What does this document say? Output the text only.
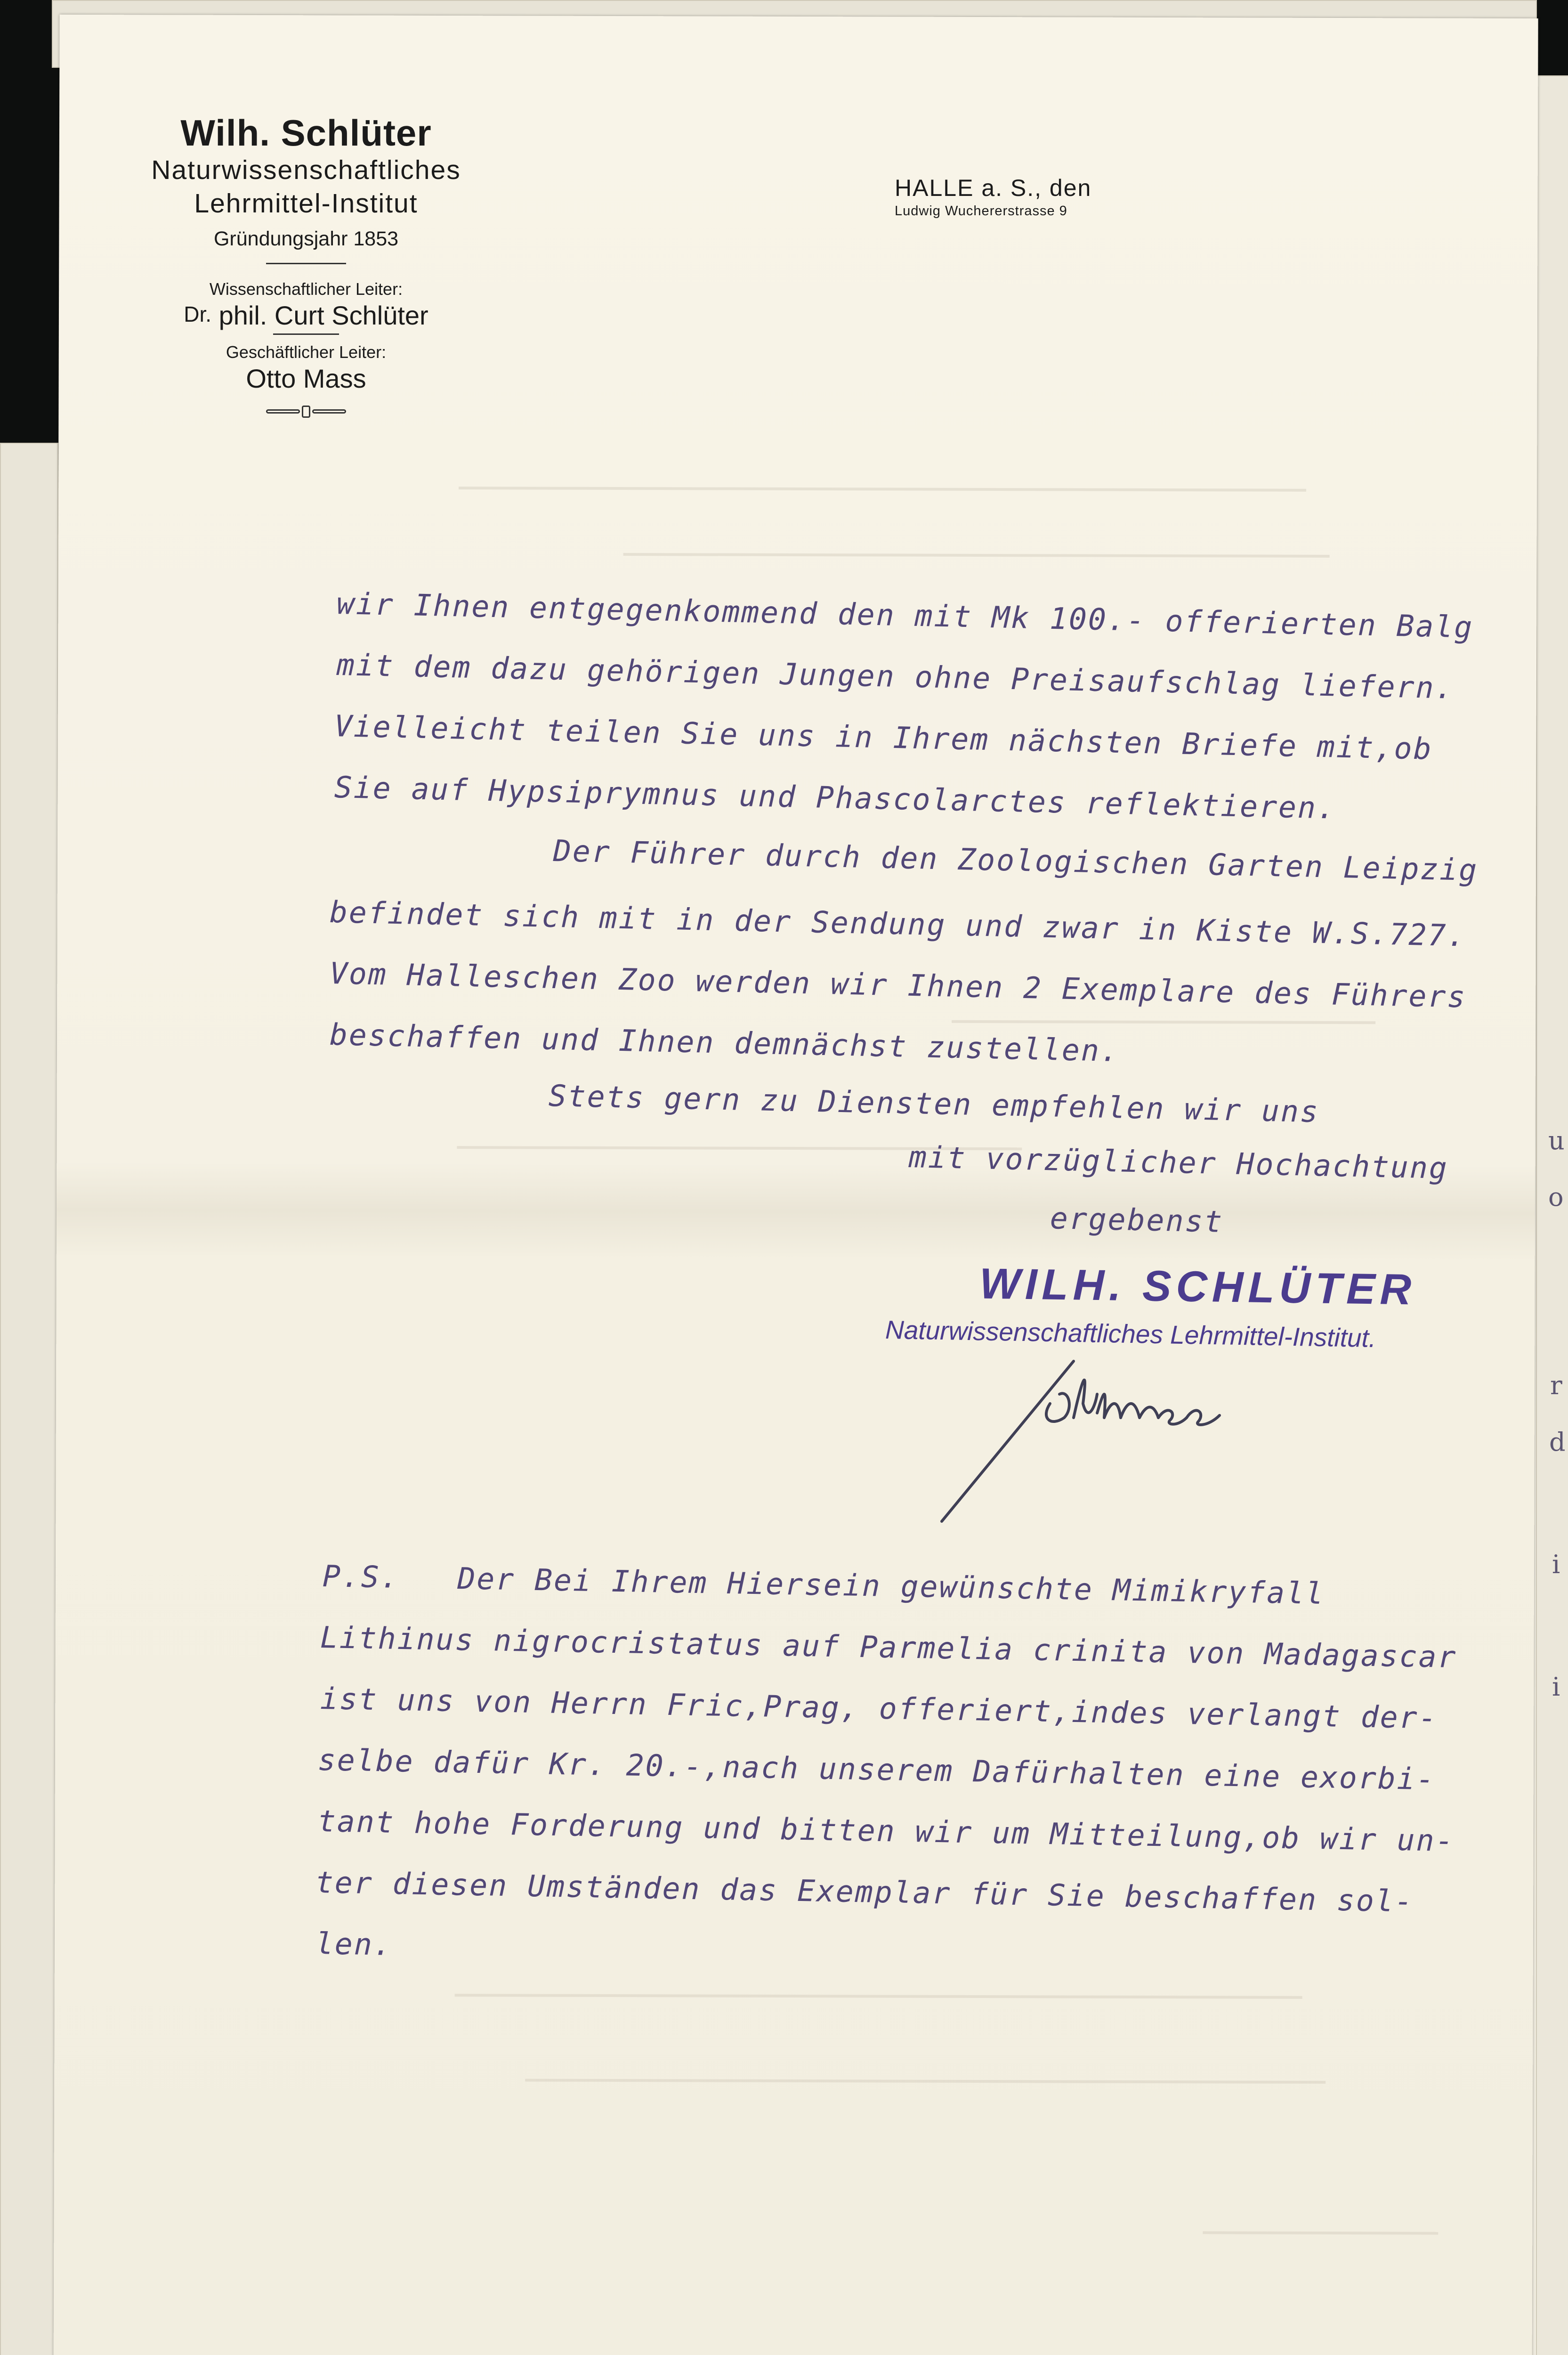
u
o
r
d
i
i
Wilh. Schlüter
Naturwissenschaftliches
Lehrmittel-Institut
Gründungsjahr 1853
Wissenschaftlicher Leiter:
Dr. phil. Curt Schlüter
Geschäftlicher Leiter:
Otto Mass
HALLE a. S., den
Ludwig Wuchererstrasse 9

wir Ihnen entgegenkommend den mit Mk 100.- offerierten Balg

mit dem dazu gehörigen Jungen ohne Preisaufschlag liefern.

Vielleicht teilen Sie uns in Ihrem nächsten Briefe mit,ob

Sie auf Hypsiprymnus und Phascolarctes reflektieren.

Der Führer durch den Zoologischen Garten Leipzig

befindet sich mit in der Sendung und zwar in Kiste W.S.727.

Vom Halleschen Zoo werden wir Ihnen 2 Exemplare des Führers

beschaffen und Ihnen demnächst zustellen.

Stets gern zu Diensten empfehlen wir uns

mit vorzüglicher Hochachtung

ergebenst

P.S.   Der Bei Ihrem Hiersein gewünschte Mimikryfall

Lithinus nigrocristatus auf Parmelia crinita von Madagascar

ist uns von Herrn Fric,Prag, offeriert,indes verlangt der-

selbe dafür Kr. 20.-,nach unserem Dafürhalten eine exorbi-

tant hohe Forderung und bitten wir um Mitteilung,ob wir un-

ter diesen Umständen das Exemplar für Sie beschaffen sol-

len.

WILH. SCHLÜTER
Naturwissenschaftliches Lehrmittel-Institut.
